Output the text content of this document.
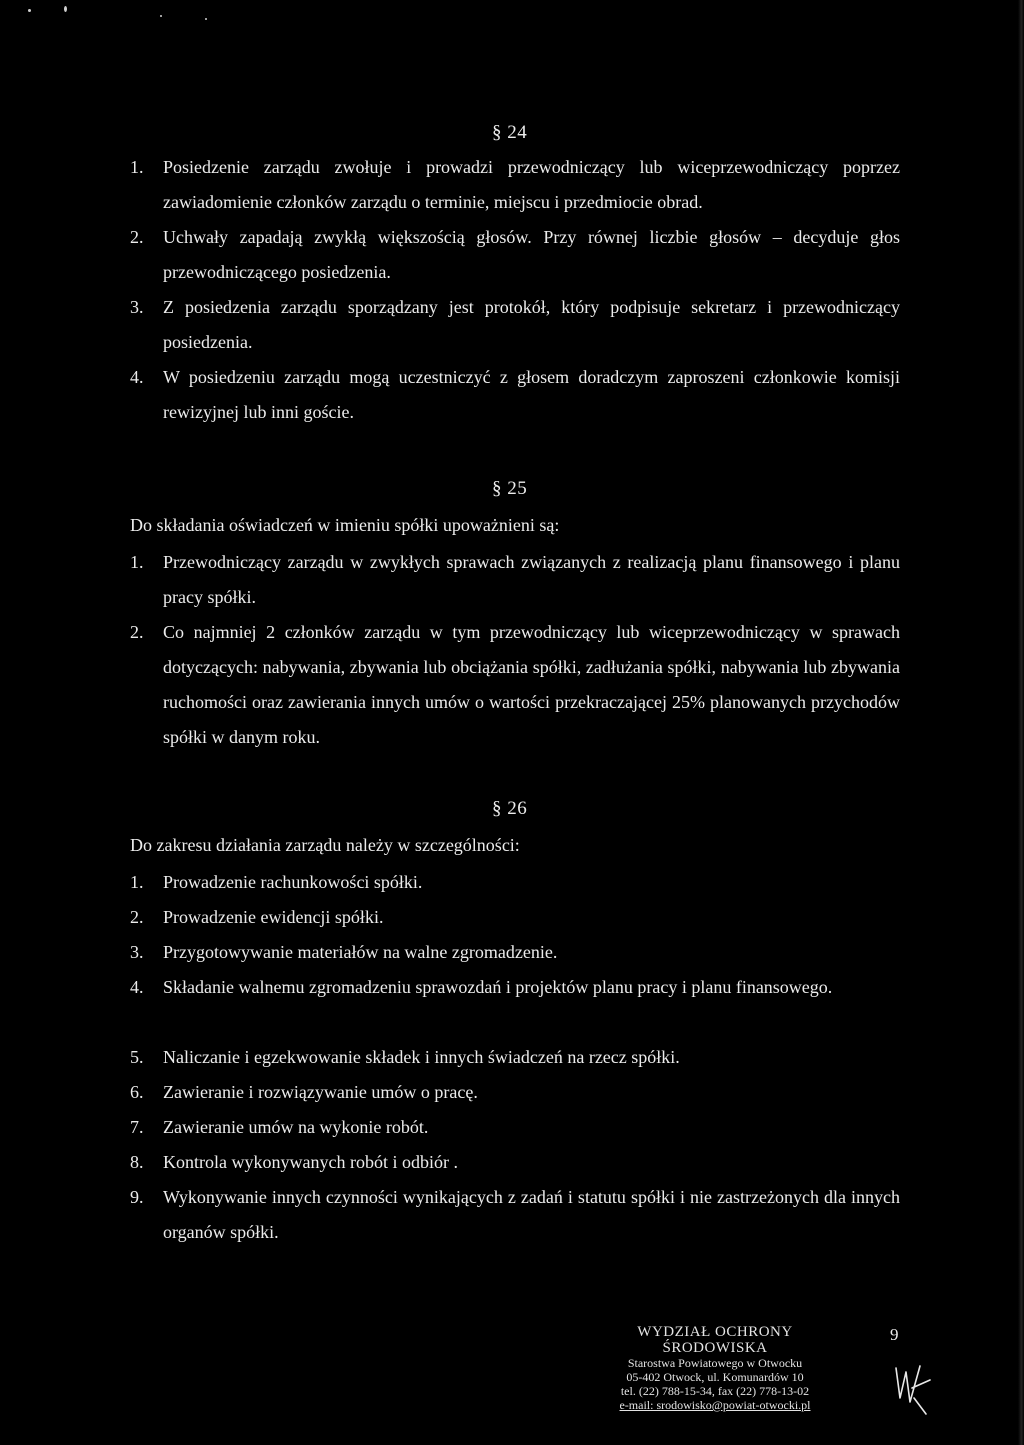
§ 24
1. Posiedzenie zarządu zwołuje i prowadzi przewodniczący lub wiceprzewodniczący poprzez zawiadomienie członków zarządu o terminie, miejscu i przedmiocie obrad.
2. Uchwały zapadają zwykłą większością głosów. Przy równej liczbie głosów – decyduje głos przewodniczącego posiedzenia.
3. Z posiedzenia zarządu sporządzany jest protokół, który podpisuje sekretarz i przewodniczący posiedzenia.
4. W posiedzeniu zarządu mogą uczestniczyć z głosem doradczym zaproszeni członkowie komisji rewizyjnej lub inni goście.
§ 25
Do składania oświadczeń w imieniu spółki upoważnieni są:
1. Przewodniczący zarządu w zwykłych sprawach związanych z realizacją planu finansowego i planu pracy spółki.
2. Co najmniej 2 członków zarządu w tym przewodniczący lub wiceprzewodniczący w sprawach dotyczących: nabywania, zbywania lub obciążania spółki, zadłużania spółki, nabywania lub zbywania ruchomości oraz zawierania innych umów o wartości przekraczającej 25% planowanych przychodów spółki w danym roku.
§ 26
Do zakresu działania zarządu należy w szczególności:
1. Prowadzenie rachunkowości spółki.
2. Prowadzenie ewidencji spółki.
3. Przygotowywanie materiałów na walne zgromadzenie.
4. Składanie walnemu zgromadzeniu sprawozdań i projektów planu pracy i planu finansowego.
5. Naliczanie i egzekwowanie składek i innych świadczeń na rzecz spółki.
6. Zawieranie i rozwiązywanie umów o pracę.
7. Zawieranie umów na wykonie robót.
8. Kontrola wykonywanych robót i odbiór .
9. Wykonywanie innych czynności wynikających z zadań i statutu spółki i nie zastrzeżonych dla innych organów spółki.
9
WYDZIAŁ OCHRONY
ŚRODOWISKA
Starostwa Powiatowego w Otwocku
05-402 Otwock, ul. Komunardów 10
tel. (22) 788-15-34, fax (22) 778-13-02
e-mail: srodowisko@powiat-otwocki.pl
